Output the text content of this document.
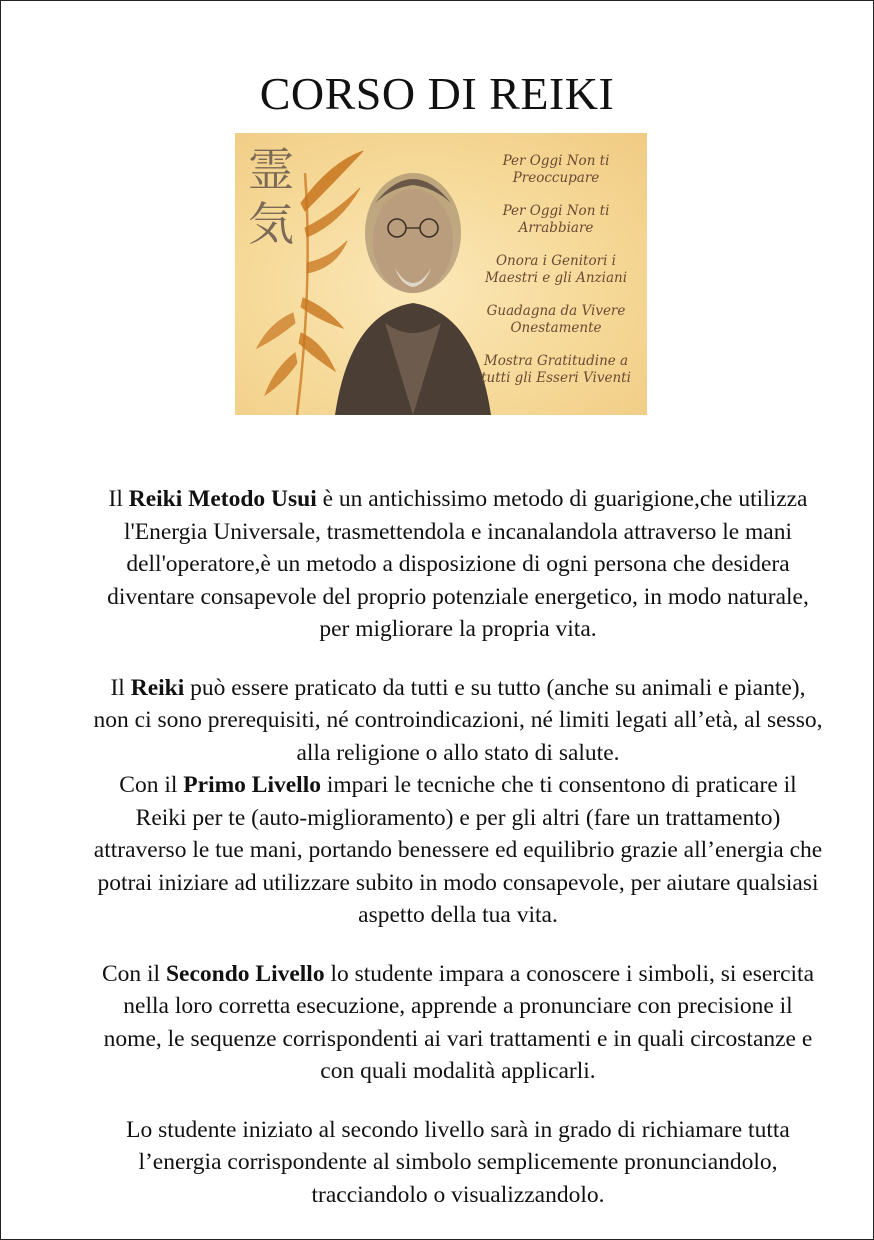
CORSO DI REIKI
霊
気
Per Oggi Non ti Preoccupare
Per Oggi Non ti Arrabbiare
Onora i Genitori i Maestri e gli Anziani
Guadagna da Vivere Onestamente
Mostra Gratitudine a tutti gli Esseri Viventi

Il Reiki Metodo Usui è un antichissimo metodo di guarigione,che utilizza l'Energia Universale, trasmettendola e incanalandola attraverso le mani dell'operatore,è un metodo a disposizione di ogni persona che desidera diventare consapevole del proprio potenziale energetico, in modo naturale, per migliorare la propria vita.

Il Reiki può essere praticato da tutti e su tutto (anche su animali e piante), non ci sono prerequisiti, né controindicazioni, né limiti legati all’età, al sesso, alla religione o allo stato di salute.

Con il Primo Livello impari le tecniche che ti consentono di praticare il Reiki per te (auto-miglioramento) e per gli altri (fare un trattamento) attraverso le tue mani, portando benessere ed equilibrio grazie all’energia che potrai iniziare ad utilizzare subito in modo consapevole, per aiutare qualsiasi aspetto della tua vita.

Con il Secondo Livello lo studente impara a conoscere i simboli, si esercita nella loro corretta esecuzione, apprende a pronunciare con precisione il nome, le sequenze corrispondenti ai vari trattamenti e in quali circostanze e con quali modalità applicarli.

Lo studente iniziato al secondo livello sarà in grado di richiamare tutta l’energia corrispondente al simbolo semplicemente pronunciandolo, tracciandolo o visualizzandolo.
